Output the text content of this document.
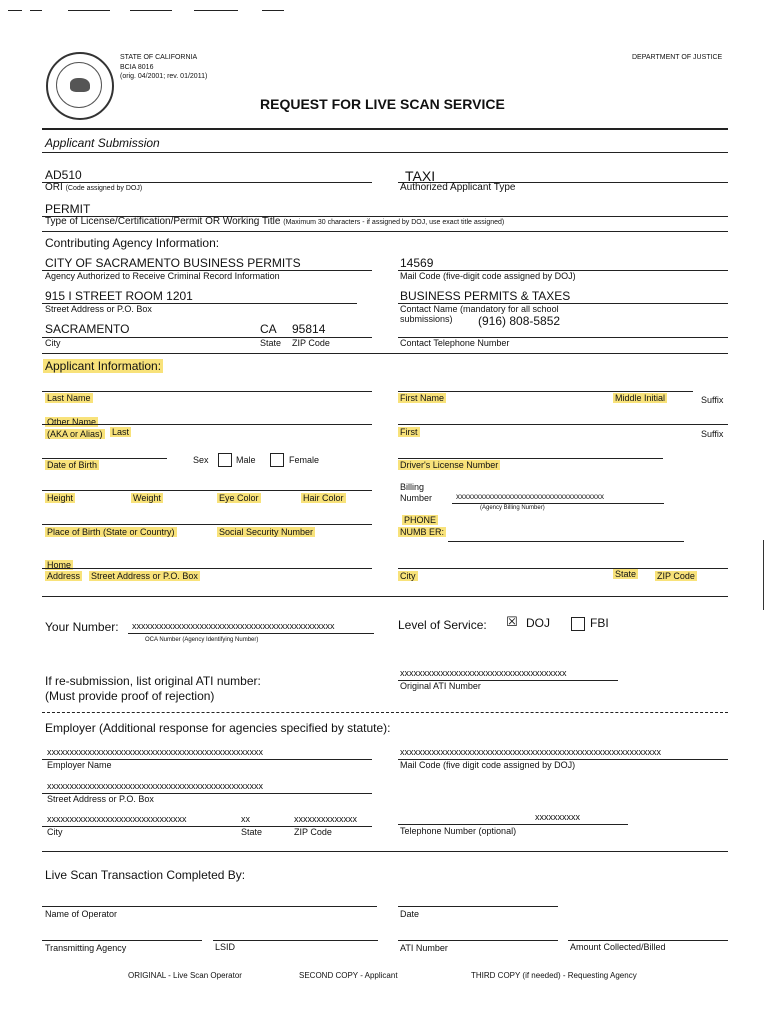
STATE OF CALIFORNIA
BCIA 8016
(orig. 04/2001; rev. 01/2011)
DEPARTMENT OF JUSTICE
REQUEST FOR LIVE SCAN SERVICE
Applicant Submission
AD510
ORI (Code assigned by DOJ)
TAXI
Authorized Applicant Type
PERMIT
Type of License/Certification/Permit OR Working Title (Maximum 30 characters - if assigned by DOJ, use exact title assigned)
Contributing Agency Information:
CITY OF SACRAMENTO BUSINESS PERMITS
Agency Authorized to Receive Criminal Record Information
14569
Mail Code (five-digit code assigned by DOJ)
915 I STREET ROOM 1201
Street Address or P.O. Box
BUSINESS PERMITS & TAXES
Contact Name (mandatory for all school submissions)
SACRAMENTO	CA 95814
City	State ZIP Code
(916) 808-5852
Contact Telephone Number
Applicant Information:
Last Name	First Name	Middle Initial	Suffix
Other Name
(AKA or Alias) Last	First	Suffix
Sex	Male	Female
Date of Birth	Driver's License Number
Height	Weight	Eye Color	Hair Color
Billing
Number	xxxxxxxxxxxxxxxxxxxxxxxxxxxxxxxxxxxxx
(Agency Billing Number)
Place of Birth (State or Country)	Social Security Number
PHONE
NUMB ER:
Home
Address Street Address or P.O. Box	City	State ZIP Code
Your Number: xxxxxxxxxxxxxxxxxxxxxxxxxxxxxxxxxxxxxxxxxxxxx
OCA Number (Agency Identifying Number)
Level of Service: ☒ DOJ	FBI
If re-submission, list original ATI number:
(Must provide proof of rejection)
xxxxxxxxxxxxxxxxxxxxxxxxxxxxxxxxxxxxx
Original ATI Number
Employer (Additional response for agencies specified by statute):
xxxxxxxxxxxxxxxxxxxxxxxxxxxxxxxxxxxxxxxxxxxxxxxx
Employer Name
xxxxxxxxxxxxxxxxxxxxxxxxxxxxxxxxxxxxxxxxxxxxxxxxxxxxxxxxxx
Mail Code (five digit code assigned by DOJ)
xxxxxxxxxxxxxxxxxxxxxxxxxxxxxxxxxxxxxxxxxxxxxxxx
Street Address or P.O. Box
xxxxxxxxxxxxxxxxxxxxxxxxxxxxxxx	xx	xxxxxxxxxxxxxx
City	State	ZIP Code
xxxxxxxxxx
Telephone Number (optional)
Live Scan Transaction Completed By:
Name of Operator	Date
Transmitting Agency	LSID	ATI Number	Amount Collected/Billed
ORIGINAL - Live Scan Operator	SECOND COPY - Applicant	THIRD COPY (if needed) - Requesting Agency
